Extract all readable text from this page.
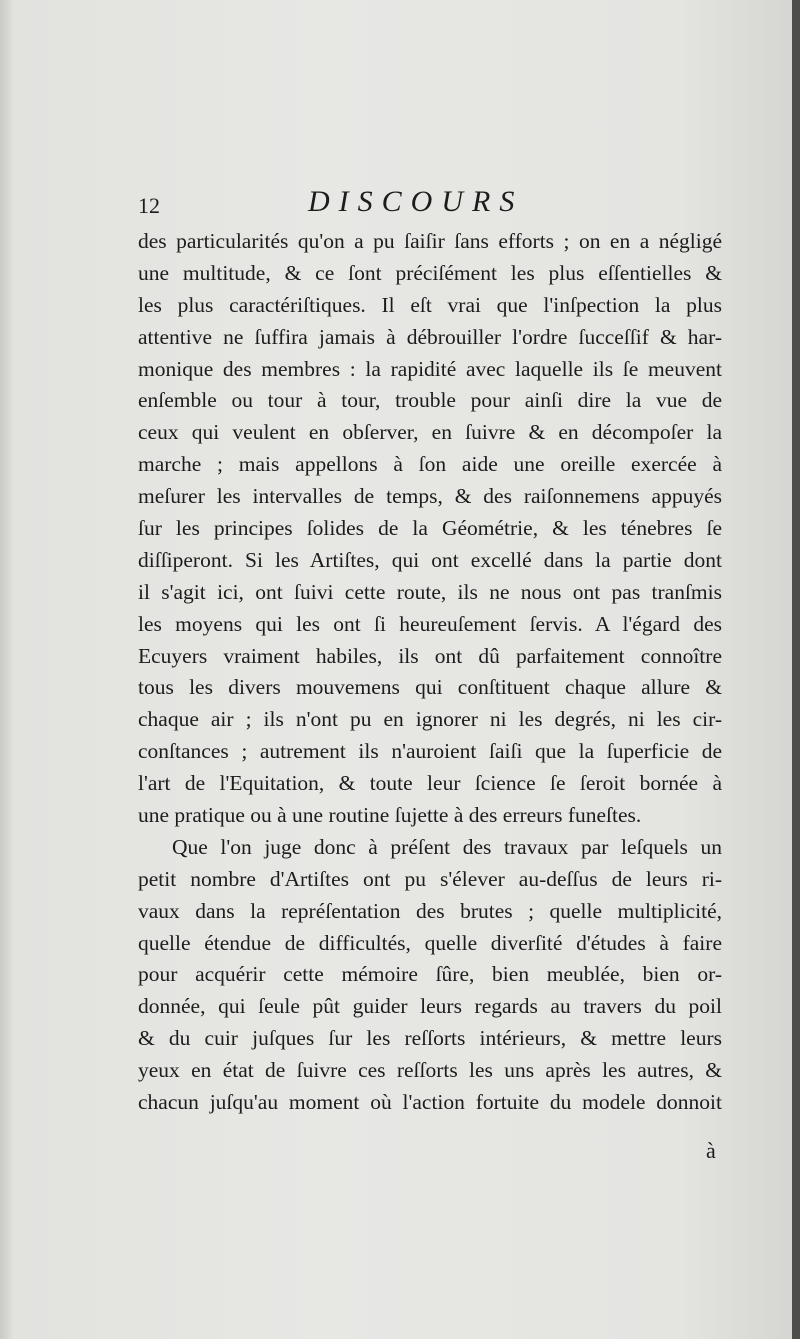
12	DISCOURS
des particularités qu'on a pu ſaiſir ſans efforts ; on en a négligé
une multitude, & ce ſont préciſément les plus eſſentielles &
les plus caractériſtiques. Il eſt vrai que l'inſpection la plus
attentive ne ſuffira jamais à débrouiller l'ordre ſucceſſif & har-
monique des membres : la rapidité avec laquelle ils ſe meuvent
enſemble ou tour à tour, trouble pour ainſi dire la vue de
ceux qui veulent en obſerver, en ſuivre & en décompoſer la
marche ; mais appellons à ſon aide une oreille exercée à
meſurer les intervalles de temps, & des raiſonnemens appuyés
ſur les principes ſolides de la Géométrie, & les ténebres ſe
diſſiperont. Si les Artiſtes, qui ont excellé dans la partie dont
il s'agit ici, ont ſuivi cette route, ils ne nous ont pas tranſmis
les moyens qui les ont ſi heureuſement ſervis. A l'égard des
Ecuyers vraiment habiles, ils ont dû parfaitement connoître
tous les divers mouvemens qui conſtituent chaque allure &
chaque air ; ils n'ont pu en ignorer ni les degrés, ni les cir-
conſtances ; autrement ils n'auroient ſaiſi que la ſuperficie de
l'art de l'Equitation, & toute leur ſcience ſe ſeroit bornée à
une pratique ou à une routine ſujette à des erreurs funeſtes.
Que l'on juge donc à préſent des travaux par leſquels un
petit nombre d'Artiſtes ont pu s'élever au-deſſus de leurs ri-
vaux dans la repréſentation des brutes ; quelle multiplicité,
quelle étendue de difficultés, quelle diverſité d'études à faire
pour acquérir cette mémoire ſûre, bien meublée, bien or-
donnée, qui ſeule pût guider leurs regards au travers du poil
& du cuir juſques ſur les reſſorts intérieurs, & mettre leurs
yeux en état de ſuivre ces reſſorts les uns après les autres, &
chacun juſqu'au moment où l'action fortuite du modele donnoit
à
